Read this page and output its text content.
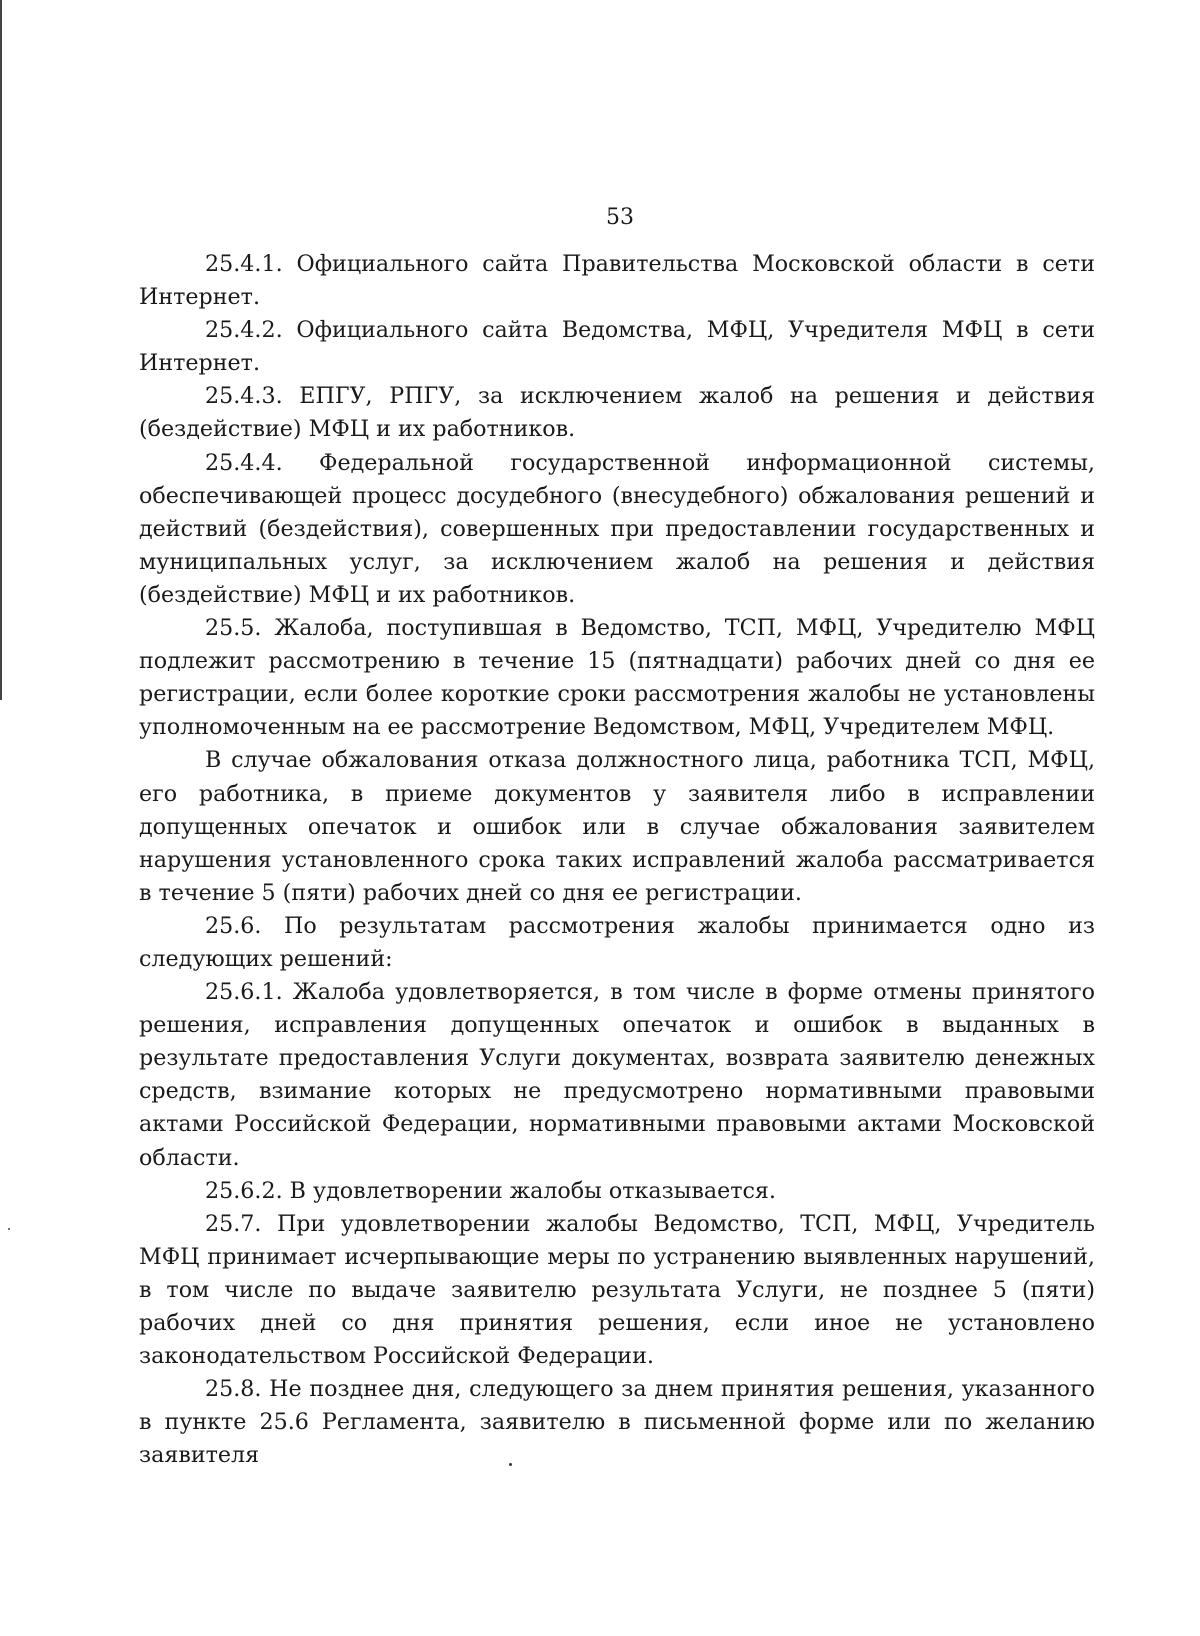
53

25.4.1. Официального сайта Правительства Московской области в сети Интернет.

25.4.2. Официального сайта Ведомства, МФЦ, Учредителя МФЦ в сети Интернет.

25.4.3. ЕПГУ, РПГУ, за исключением жалоб на решения и действия (бездействие) МФЦ и их работников.

25.4.4. Федеральной государственной информационной системы, обеспечивающей процесс досудебного (внесудебного) обжалования решений и действий (бездействия), совершенных при предоставлении государственных и муниципальных услуг, за исключением жалоб на решения и действия (бездействие) МФЦ и их работников.

25.5. Жалоба, поступившая в Ведомство, ТСП, МФЦ, Учредителю МФЦ подлежит рассмотрению в течение 15 (пятнадцати) рабочих дней со дня ее регистрации, если более короткие сроки рассмотрения жалобы не установлены уполномоченным на ее рассмотрение Ведомством, МФЦ, Учредителем МФЦ.

В случае обжалования отказа должностного лица, работника ТСП, МФЦ, его работника, в приеме документов у заявителя либо в исправлении допущенных опечаток и ошибок или в случае обжалования заявителем нарушения установленного срока таких исправлений жалоба рассматривается в течение 5 (пяти) рабочих дней со дня ее регистрации.

25.6. По результатам рассмотрения жалобы принимается одно из следующих решений:

25.6.1. Жалоба удовлетворяется, в том числе в форме отмены принятого решения, исправления допущенных опечаток и ошибок в выданных в результате предоставления Услуги документах, возврата заявителю денежных средств, взимание которых не предусмотрено нормативными правовыми актами Российской Федерации, нормативными правовыми актами Московской области.

25.6.2. В удовлетворении жалобы отказывается.

25.7. При удовлетворении жалобы Ведомство, ТСП, МФЦ, Учредитель МФЦ принимает исчерпывающие меры по устранению выявленных нарушений, в том числе по выдаче заявителю результата Услуги, не позднее 5 (пяти) рабочих дней со дня принятия решения, если иное не установлено законодательством Российской Федерации.

25.8. Не позднее дня, следующего за днем принятия решения, указанного в пункте 25.6 Регламента, заявителю в письменной форме или по желанию заявителя
